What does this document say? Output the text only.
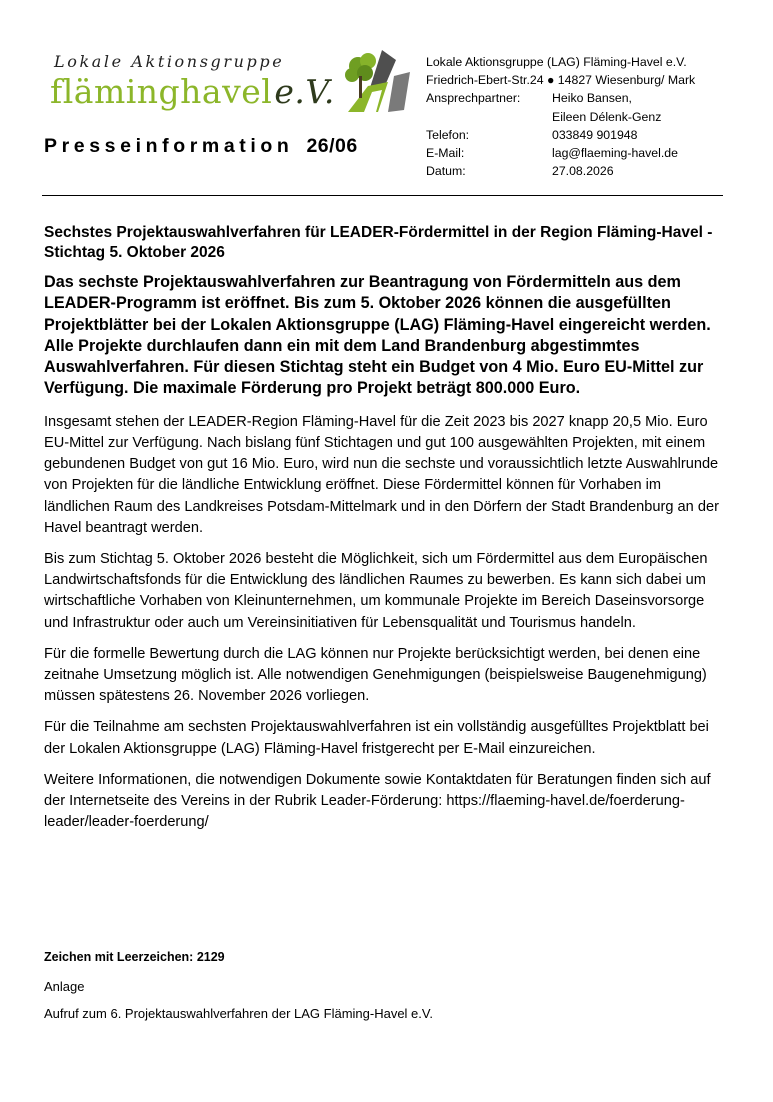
Lokale Aktionsgruppe
fläminghavele.V.
Lokale Aktionsgruppe (LAG) Fläming-Havel e.V.
Friedrich-Ebert-Str.24 ● 14827 Wiesenburg/ Mark
Ansprechpartner:	Heiko Bansen,
Eileen Délenk-Genz
Telefon:	033849 901948
E-Mail:	lag@flaeming-havel.de
Datum:	27.08.2026
Presseinformation 26/06

Sechstes Projektauswahlverfahren für LEADER-Fördermittel in der Region Fläming-Havel - Stichtag 5. Oktober 2026

Das sechste Projektauswahlverfahren zur Beantragung von Fördermitteln aus dem LEADER-Programm ist eröffnet. Bis zum 5. Oktober 2026 können die ausgefüllten Projektblätter bei der Lokalen Aktionsgruppe (LAG) Fläming-Havel eingereicht werden. Alle Projekte durchlaufen dann ein mit dem Land Brandenburg abgestimmtes Auswahlverfahren. Für diesen Stichtag steht ein Budget von 4 Mio. Euro EU-Mittel zur Verfügung. Die maximale Förderung pro Projekt beträgt 800.000 Euro.

Insgesamt stehen der LEADER-Region Fläming-Havel für die Zeit 2023 bis 2027 knapp 20,5 Mio. Euro EU-Mittel zur Verfügung. Nach bislang fünf Stichtagen und gut 100 ausgewählten Projekten, mit einem gebundenen Budget von gut 16 Mio. Euro, wird nun die sechste und voraussichtlich letzte Auswahlrunde von Projekten für die ländliche Entwicklung eröffnet. Diese Fördermittel können für Vorhaben im ländlichen Raum des Landkreises Potsdam-Mittelmark und in den Dörfern der Stadt Brandenburg an der Havel beantragt werden.

Bis zum Stichtag 5. Oktober 2026 besteht die Möglichkeit, sich um Fördermittel aus dem Europäischen Landwirtschaftsfonds für die Entwicklung des ländlichen Raumes zu bewerben. Es kann sich dabei um wirtschaftliche Vorhaben von Kleinunternehmen, um kommunale Projekte im Bereich Daseinsvorsorge und Infrastruktur oder auch um Vereinsinitiativen für Lebensqualität und Tourismus handeln.

Für die formelle Bewertung durch die LAG können nur Projekte berücksichtigt werden, bei denen eine zeitnahe Umsetzung möglich ist. Alle notwendigen Genehmigungen (beispielsweise Baugenehmigung) müssen spätestens 26. November 2026 vorliegen.

Für die Teilnahme am sechsten Projektauswahlverfahren ist ein vollständig ausgefülltes Projektblatt bei der Lokalen Aktionsgruppe (LAG) Fläming-Havel fristgerecht per E-Mail einzureichen.

Weitere Informationen, die notwendigen Dokumente sowie Kontaktdaten für Beratungen finden sich auf der Internetseite des Vereins in der Rubrik Leader-Förderung: https://flaeming-havel.de/foerderung-leader/leader-foerderung/

Zeichen mit Leerzeichen: 2129
Anlage
Aufruf zum 6. Projektauswahlverfahren der LAG Fläming-Havel e.V.
